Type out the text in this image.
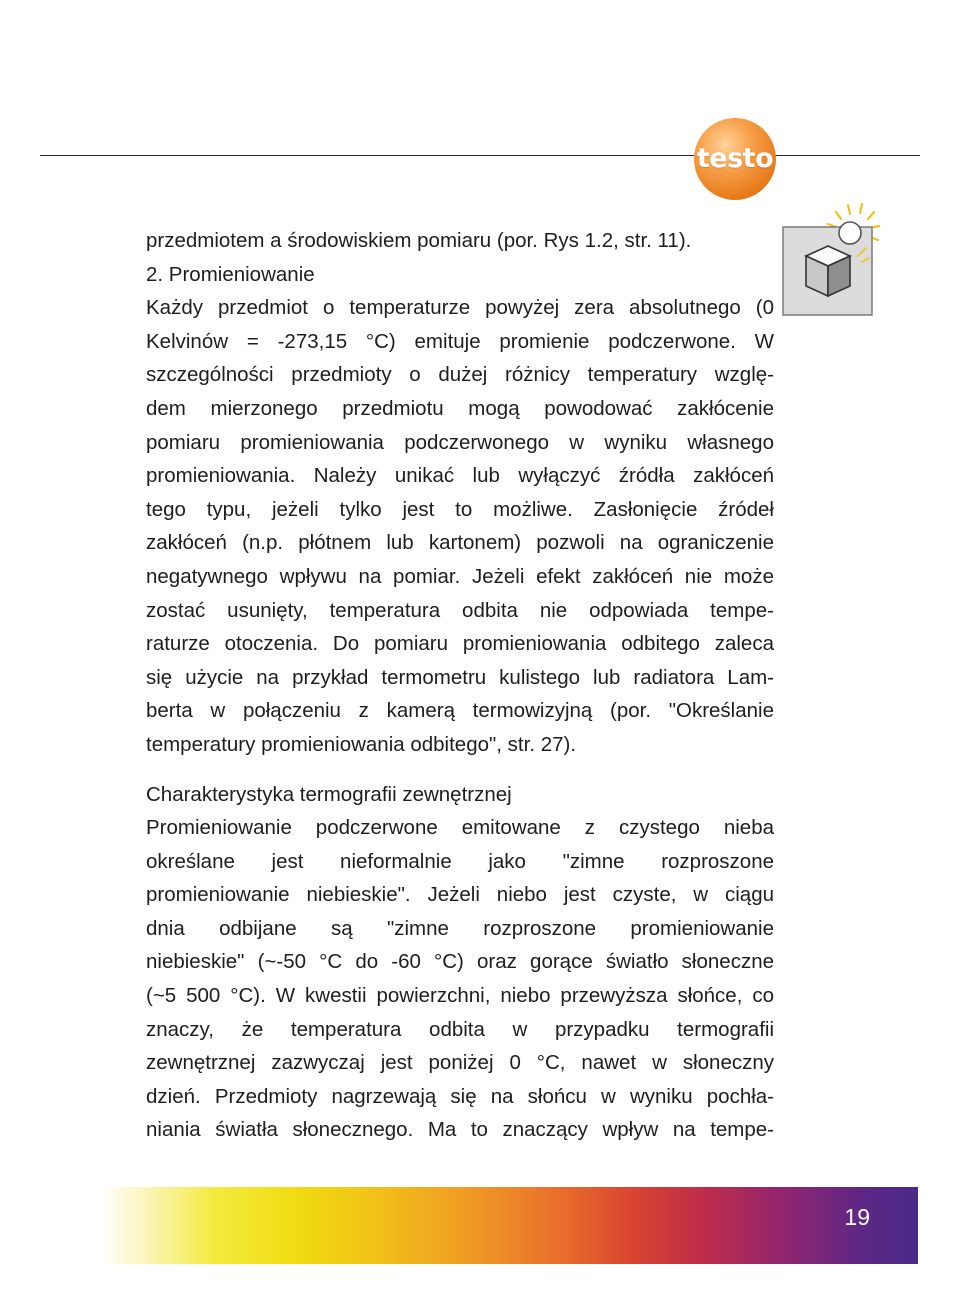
testo
przedmiotem a środowiskiem pomiaru (por. Rys 1.2, str. 11).
2. Promieniowanie
Każdy przedmiot o temperaturze powyżej zera absolutnego (0
Kelvinów = -273,15 °C) emituje promienie podczerwone. W
szczególności przedmioty o dużej różnicy temperatury wzglę-
dem mierzonego przedmiotu mogą powodować zakłócenie
pomiaru promieniowania podczerwonego w wyniku własnego
promieniowania. Należy unikać lub wyłączyć źródła zakłóceń
tego typu, jeżeli tylko jest to możliwe. Zasłonięcie źródeł
zakłóceń (n.p. płótnem lub kartonem) pozwoli na ograniczenie
negatywnego wpływu na pomiar. Jeżeli efekt zakłóceń nie może
zostać usunięty, temperatura odbita nie odpowiada tempe-
raturze otoczenia. Do pomiaru promieniowania odbitego zaleca
się użycie na przykład termometru kulistego lub radiatora Lam-
berta w połączeniu z kamerą termowizyjną (por. "Określanie
temperatury promieniowania odbitego", str. 27).
Charakterystyka termografii zewnętrznej
Promieniowanie podczerwone emitowane z czystego nieba
określane jest nieformalnie jako "zimne rozproszone
promieniowanie niebieskie". Jeżeli niebo jest czyste, w ciągu
dnia odbijane są "zimne rozproszone promieniowanie
niebieskie" (~-50 °C do -60 °C) oraz gorące światło słoneczne
(~5 500 °C). W kwestii powierzchni, niebo przewyższa słońce, co
znaczy, że temperatura odbita w przypadku termografii
zewnętrznej zazwyczaj jest poniżej 0 °C, nawet w słoneczny
dzień. Przedmioty nagrzewają się na słońcu w wyniku pochła-
niania światła słonecznego. Ma to znaczący wpływ na tempe-
19
